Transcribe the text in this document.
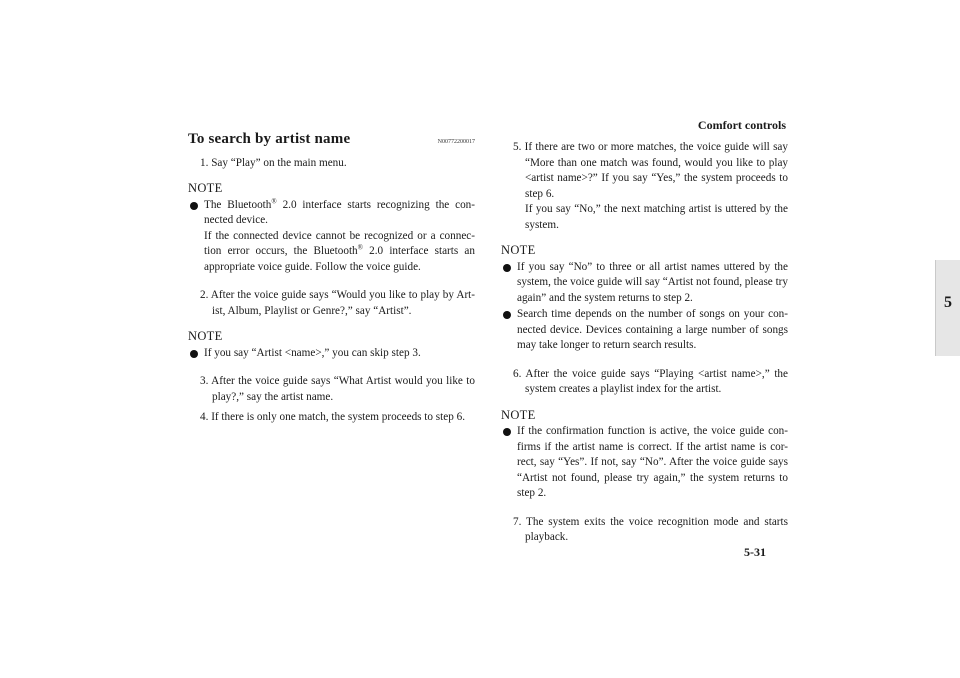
Comfort controls
5
5-31
To search by artist name	N00772200017
1. Say “Play” on the main menu.
NOTE
The Bluetooth® 2.0 interface starts recognizing the con-nected device.
If the connected device cannot be recognized or a connec-tion error occurs, the Bluetooth® 2.0 interface starts an appropriate voice guide. Follow the voice guide.
2. After the voice guide says “Would you like to play by Art-ist, Album, Playlist or Genre?,” say “Artist”.
NOTE
If you say “Artist <name>,” you can skip step 3.
3. After the voice guide says “What Artist would you like to play?,” say the artist name.
4. If there is only one match, the system proceeds to step 6.
5. If there are two or more matches, the voice guide will say “More than one match was found, would you like to play <artist name>?” If you say “Yes,” the system proceeds to step 6.
If you say “No,” the next matching artist is uttered by the system.
NOTE
If you say “No” to three or all artist names uttered by the system, the voice guide will say “Artist not found, please try again” and the system returns to step 2.
Search time depends on the number of songs on your con-nected device. Devices containing a large number of songs may take longer to return search results.
6. After the voice guide says “Playing <artist name>,” the system creates a playlist index for the artist.
NOTE
If the confirmation function is active, the voice guide con-firms if the artist name is correct. If the artist name is cor-rect, say “Yes”. If not, say “No”. After the voice guide says “Artist not found, please try again,” the system returns to step 2.
7. The system exits the voice recognition mode and starts playback.
